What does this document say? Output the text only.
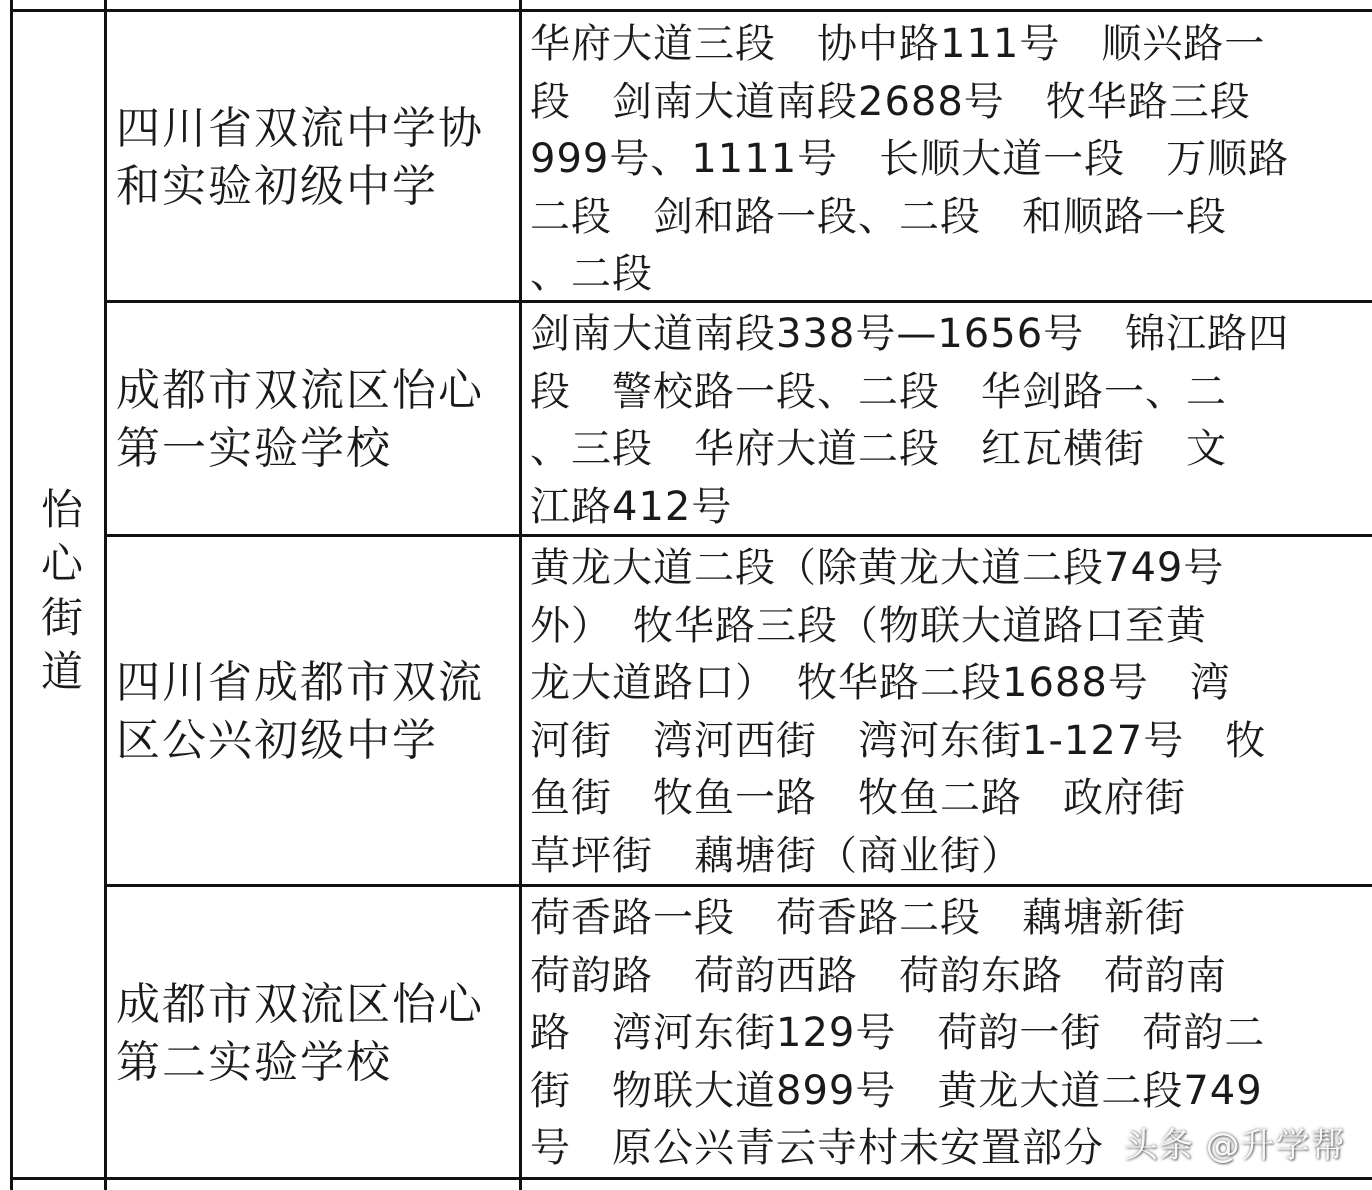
怡心街道
四川省双流中学协
和实验初级中学
华府大道三段　协中路111号　顺兴路一
段　剑南大道南段2688号　牧华路三段
999号、1111号　长顺大道一段　万顺路
二段　剑和路一段、二段　和顺路一段
、二段
成都市双流区怡心
第一实验学校
剑南大道南段338号—1656号　锦江路四
段　警校路一段、二段　华剑路一、二
、三段　华府大道二段　红瓦横街　文
江路412号
四川省成都市双流
区公兴初级中学
黄龙大道二段（除黄龙大道二段749号
外）　牧华路三段（物联大道路口至黄
龙大道路口）　牧华路二段1688号　湾
河街　湾河西街　湾河东街1-127号　牧
鱼街　牧鱼一路　牧鱼二路　政府街
草坪街　藕塘街（商业街）
成都市双流区怡心
第二实验学校
荷香路一段　荷香路二段　藕塘新街
荷韵路　荷韵西路　荷韵东路　荷韵南
路　湾河东街129号　荷韵一街　荷韵二
街　物联大道899号　黄龙大道二段749
号　原公兴青云寺村未安置部分 头条 @升学帮
